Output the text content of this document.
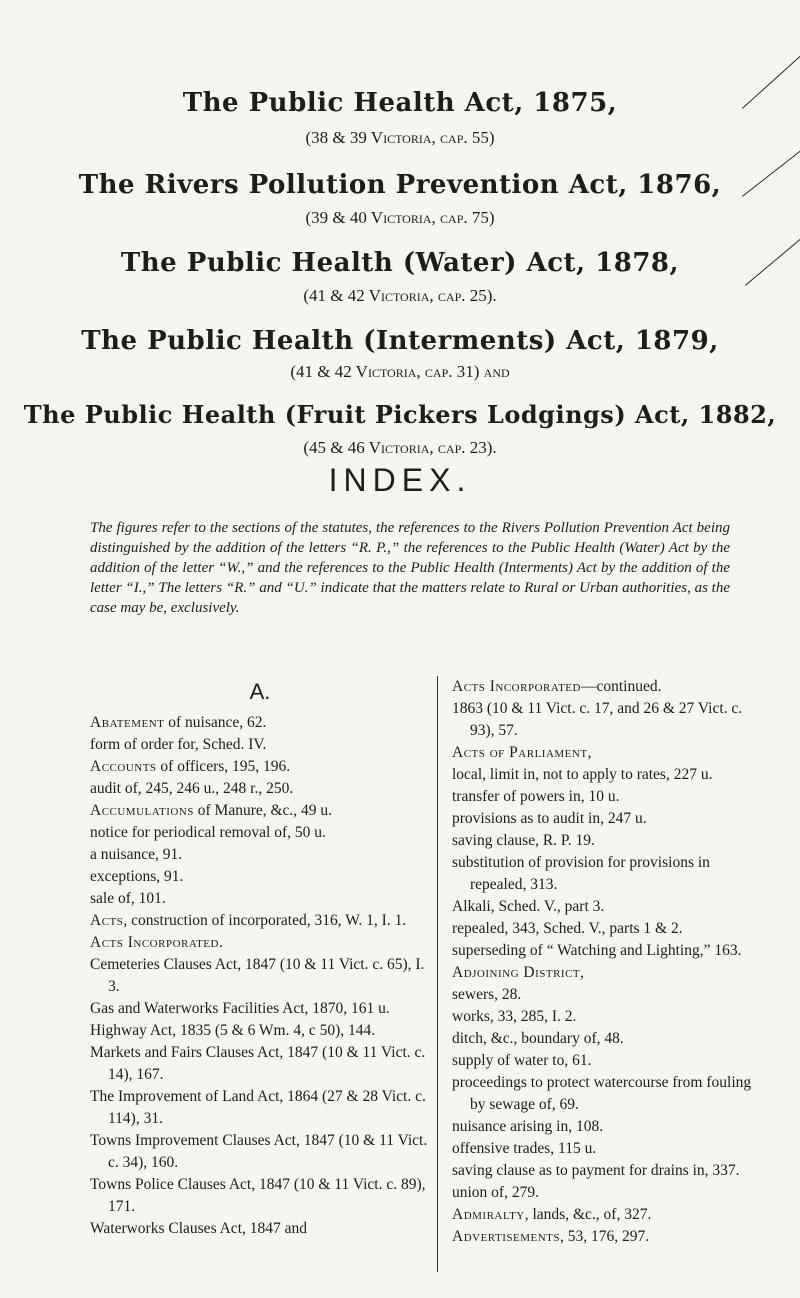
The Public Health Act, 1875,
(38 & 39 Victoria, cap. 55)
The Rivers Pollution Prevention Act, 1876,
(39 & 40 Victoria, cap. 75)
The Public Health (Water) Act, 1878,
(41 & 42 Victoria, cap. 25).
The Public Health (Interments) Act, 1879,
(41 & 42 Victoria, cap. 31) and
The Public Health (Fruit Pickers Lodgings) Act, 1882,
(45 & 46 Victoria, cap. 23).
INDEX.
The figures refer to the sections of the statutes, the references to the Rivers Pollution Prevention Act being distinguished by the addition of the letters “R. P.,” the references to the Public Health (Water) Act by the addition of the letter “W.,” and the references to the Public Health (Interments) Act by the addition of the letter “I.,” The letters “R.” and “U.” indicate that the matters relate to Rural or Urban authorities, as the case may be, exclusively.
A.

Abatement of nuisance, 62.

form of order for, Sched. IV.

Accounts of officers, 195, 196.

audit of, 245, 246 u., 248 r., 250.

Accumulations of Manure, &c., 49 u.

notice for periodical removal of, 50 u.

a nuisance, 91.

exceptions, 91.

sale of, 101.

Acts, construction of incorporated, 316, W. 1, I. 1.

Acts Incorporated.

Cemeteries Clauses Act, 1847 (10 & 11 Vict. c. 65), I. 3.

Gas and Waterworks Facilities Act, 1870, 161 u.

Highway Act, 1835 (5 & 6 Wm. 4, c 50), 144.

Markets and Fairs Clauses Act, 1847 (10 & 11 Vict. c. 14), 167.

The Improvement of Land Act, 1864 (27 & 28 Vict. c. 114), 31.

Towns Improvement Clauses Act, 1847 (10 & 11 Vict. c. 34), 160.

Towns Police Clauses Act, 1847 (10 & 11 Vict. c. 89), 171.

Waterworks Clauses Act, 1847 and

Acts Incorporated—continued.

1863 (10 & 11 Vict. c. 17, and 26 & 27 Vict. c. 93), 57.

Acts of Parliament,

local, limit in, not to apply to rates, 227 u.

transfer of powers in, 10 u.

provisions as to audit in, 247 u.

saving clause, R. P. 19.

substitution of provision for provisions in repealed, 313.

Alkali, Sched. V., part 3.

repealed, 343, Sched. V., parts 1 & 2.

superseding of “ Watching and Lighting,” 163.

Adjoining District,

sewers, 28.

works, 33, 285, I. 2.

ditch, &c., boundary of, 48.

supply of water to, 61.

proceedings to protect watercourse from fouling by sewage of, 69.

nuisance arising in, 108.

offensive trades, 115 u.

saving clause as to payment for drains in, 337.

union of, 279.

Admiralty, lands, &c., of, 327.

Advertisements, 53, 176, 297.
